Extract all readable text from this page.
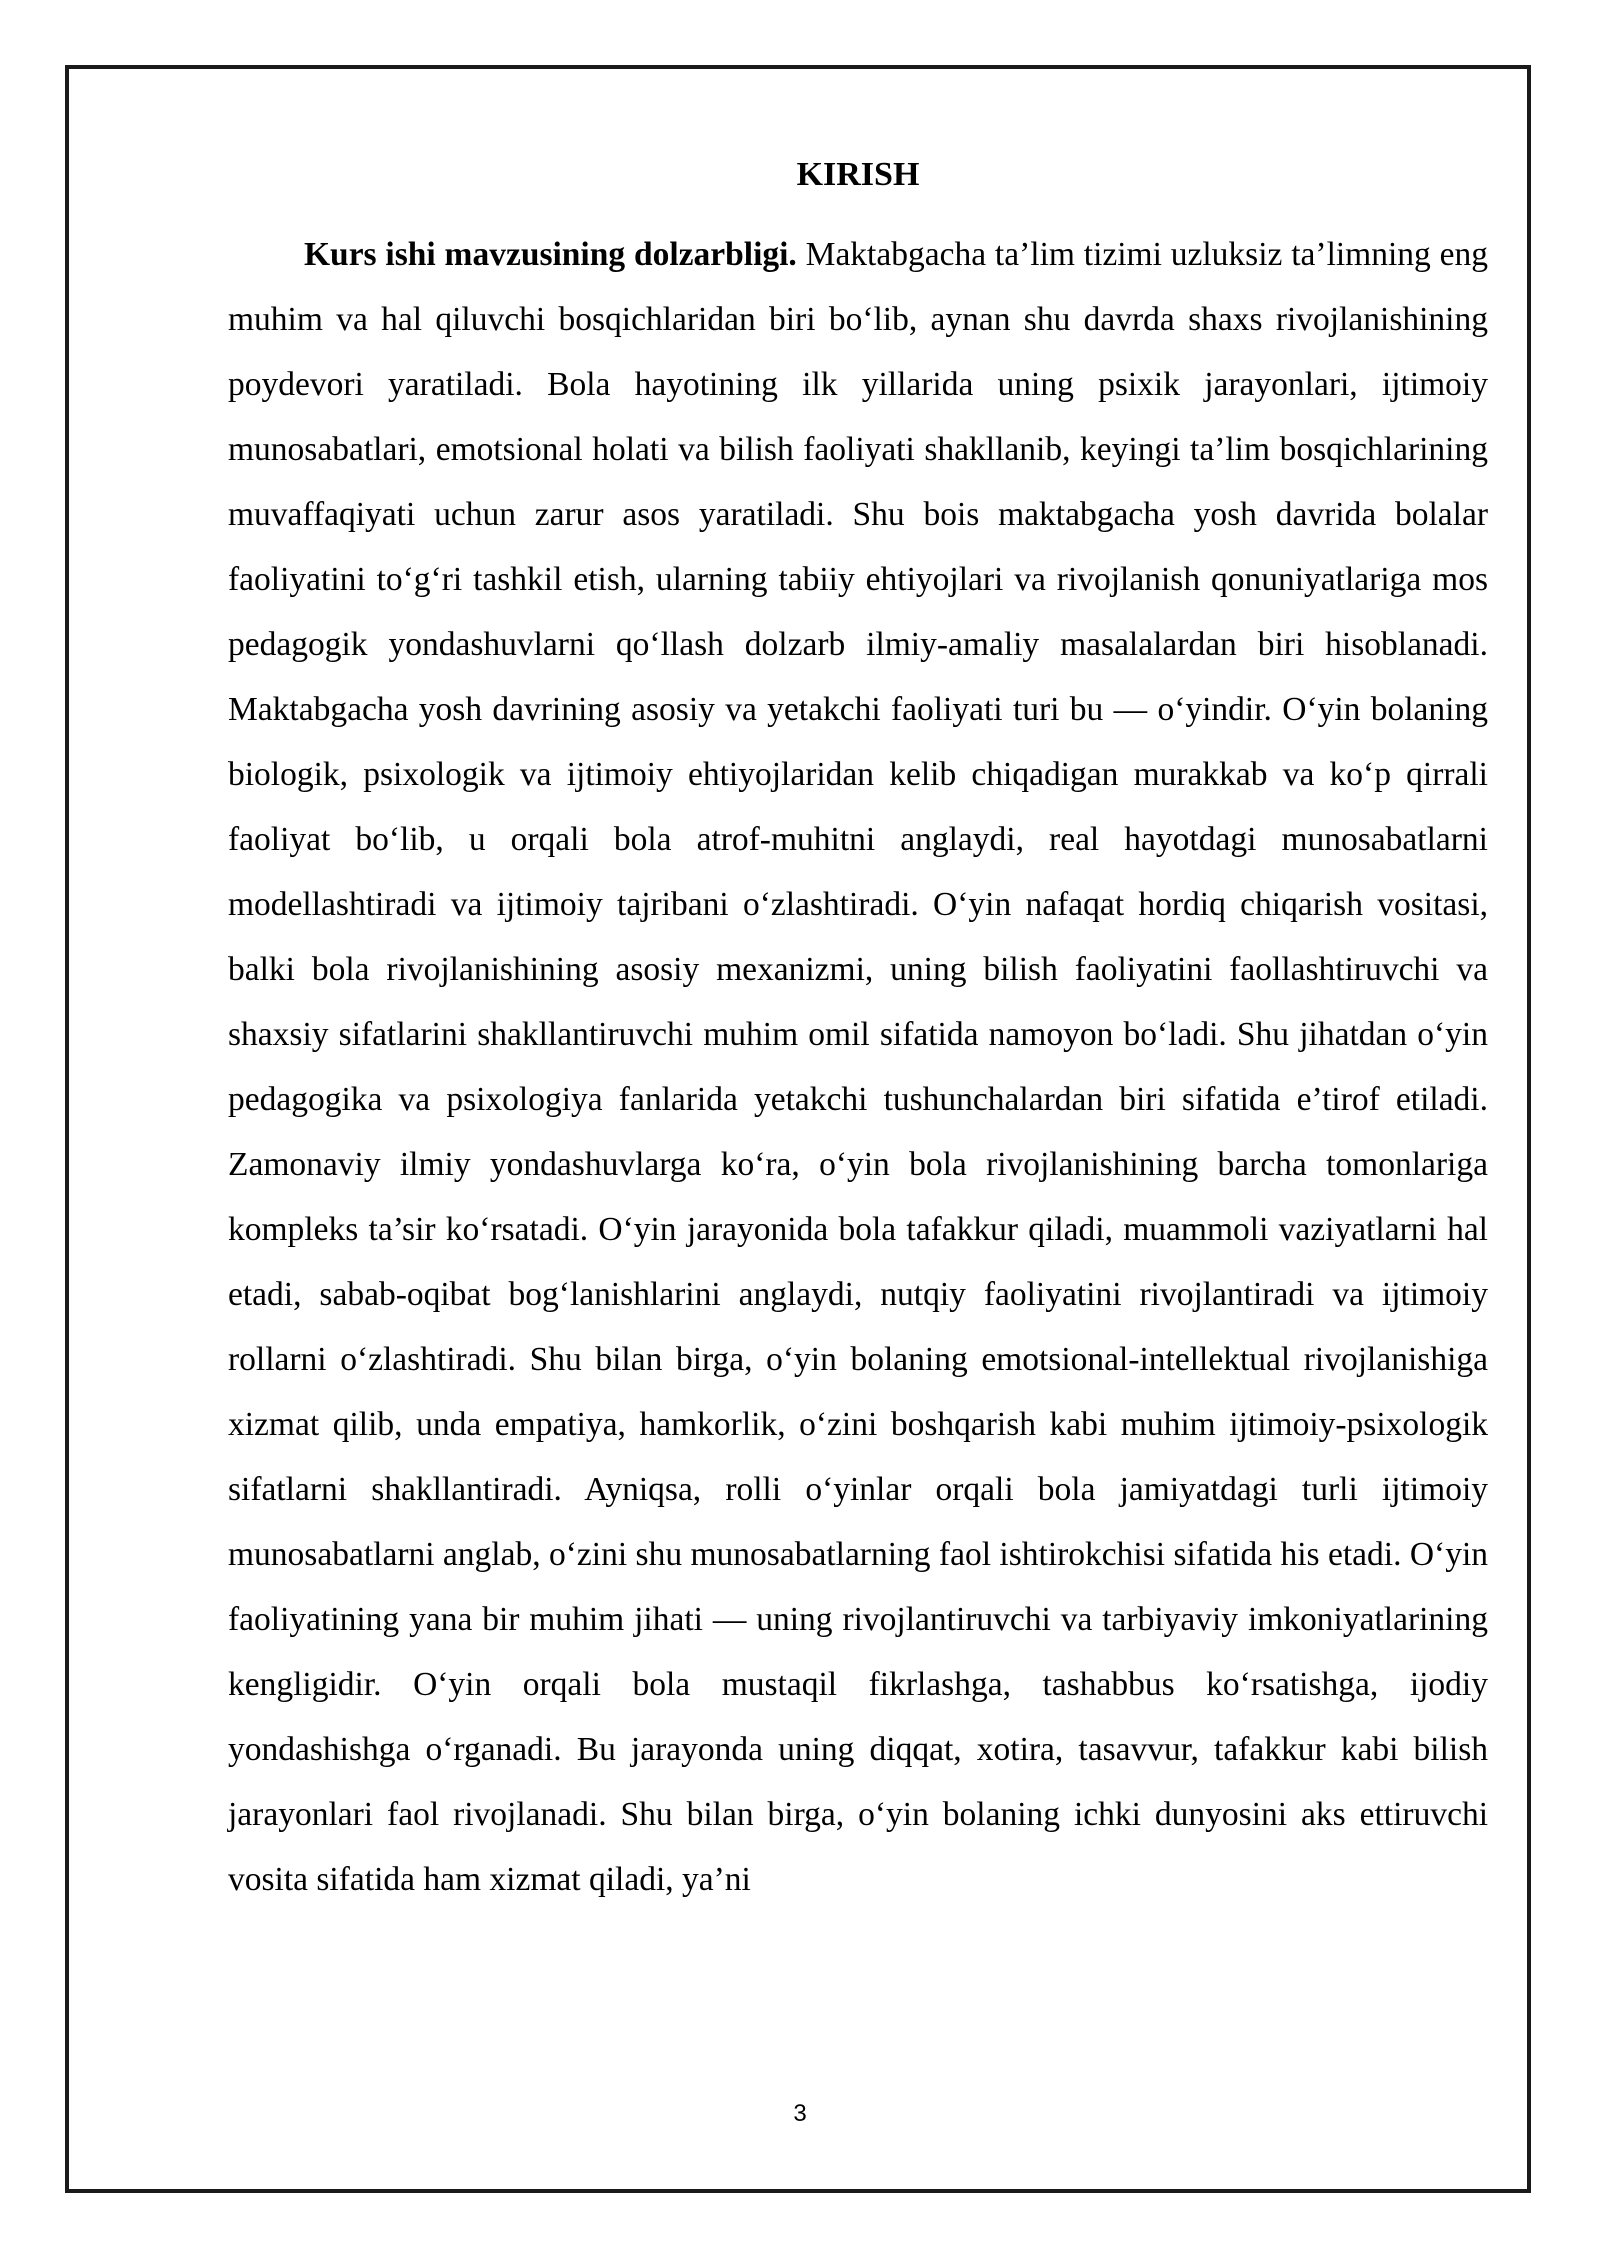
KIRISH

Kurs ishi mavzusining dolzarbligi. Maktabgacha ta’lim tizimi uzluksiz ta’limning eng muhim va hal qiluvchi bosqichlaridan biri bo‘lib, aynan shu davrda shaxs rivojlanishining poydevori yaratiladi. Bola hayotining ilk yillarida uning psixik jarayonlari, ijtimoiy munosabatlari, emotsional holati va bilish faoliyati shakllanib, keyingi ta’lim bosqichlarining muvaffaqiyati uchun zarur asos yaratiladi. Shu bois maktabgacha yosh davrida bolalar faoliyatini to‘g‘ri tashkil etish, ularning tabiiy ehtiyojlari va rivojlanish qonuniyatlariga mos pedagogik yondashuvlarni qo‘llash dolzarb ilmiy-amaliy masalalardan biri hisoblanadi. Maktabgacha yosh davrining asosiy va yetakchi faoliyati turi bu — o‘yindir. O‘yin bolaning biologik, psixologik va ijtimoiy ehtiyojlaridan kelib chiqadigan murakkab va ko‘p qirrali faoliyat bo‘lib, u orqali bola atrof-muhitni anglaydi, real hayotdagi munosabatlarni modellashtiradi va ijtimoiy tajribani o‘zlashtiradi. O‘yin nafaqat hordiq chiqarish vositasi, balki bola rivojlanishining asosiy mexanizmi, uning bilish faoliyatini faollashtiruvchi va shaxsiy sifatlarini shakllantiruvchi muhim omil sifatida namoyon bo‘ladi. Shu jihatdan o‘yin pedagogika va psixologiya fanlarida yetakchi tushunchalardan biri sifatida e’tirof etiladi. Zamonaviy ilmiy yondashuvlarga ko‘ra, o‘yin bola rivojlanishining barcha tomonlariga kompleks ta’sir ko‘rsatadi. O‘yin jarayonida bola tafakkur qiladi, muammoli vaziyatlarni hal etadi, sabab-oqibat bog‘lanishlarini anglaydi, nutqiy faoliyatini rivojlantiradi va ijtimoiy rollarni o‘zlashtiradi. Shu bilan birga, o‘yin bolaning emotsional-intellektual rivojlanishiga xizmat qilib, unda empatiya, hamkorlik, o‘zini boshqarish kabi muhim ijtimoiy-psixologik sifatlarni shakllantiradi. Ayniqsa, rolli o‘yinlar orqali bola jamiyatdagi turli ijtimoiy munosabatlarni anglab, o‘zini shu munosabatlarning faol ishtirokchisi sifatida his etadi. O‘yin faoliyatining yana bir muhim jihati — uning rivojlantiruvchi va tarbiyaviy imkoniyatlarining kengligidir. O‘yin orqali bola mustaqil fikrlashga, tashabbus ko‘rsatishga, ijodiy yondashishga o‘rganadi. Bu jarayonda uning diqqat, xotira, tasavvur, tafakkur kabi bilish jarayonlari faol rivojlanadi. Shu bilan birga, o‘yin bolaning ichki dunyosini aks ettiruvchi vosita sifatida ham xizmat qiladi, ya’ni

3
